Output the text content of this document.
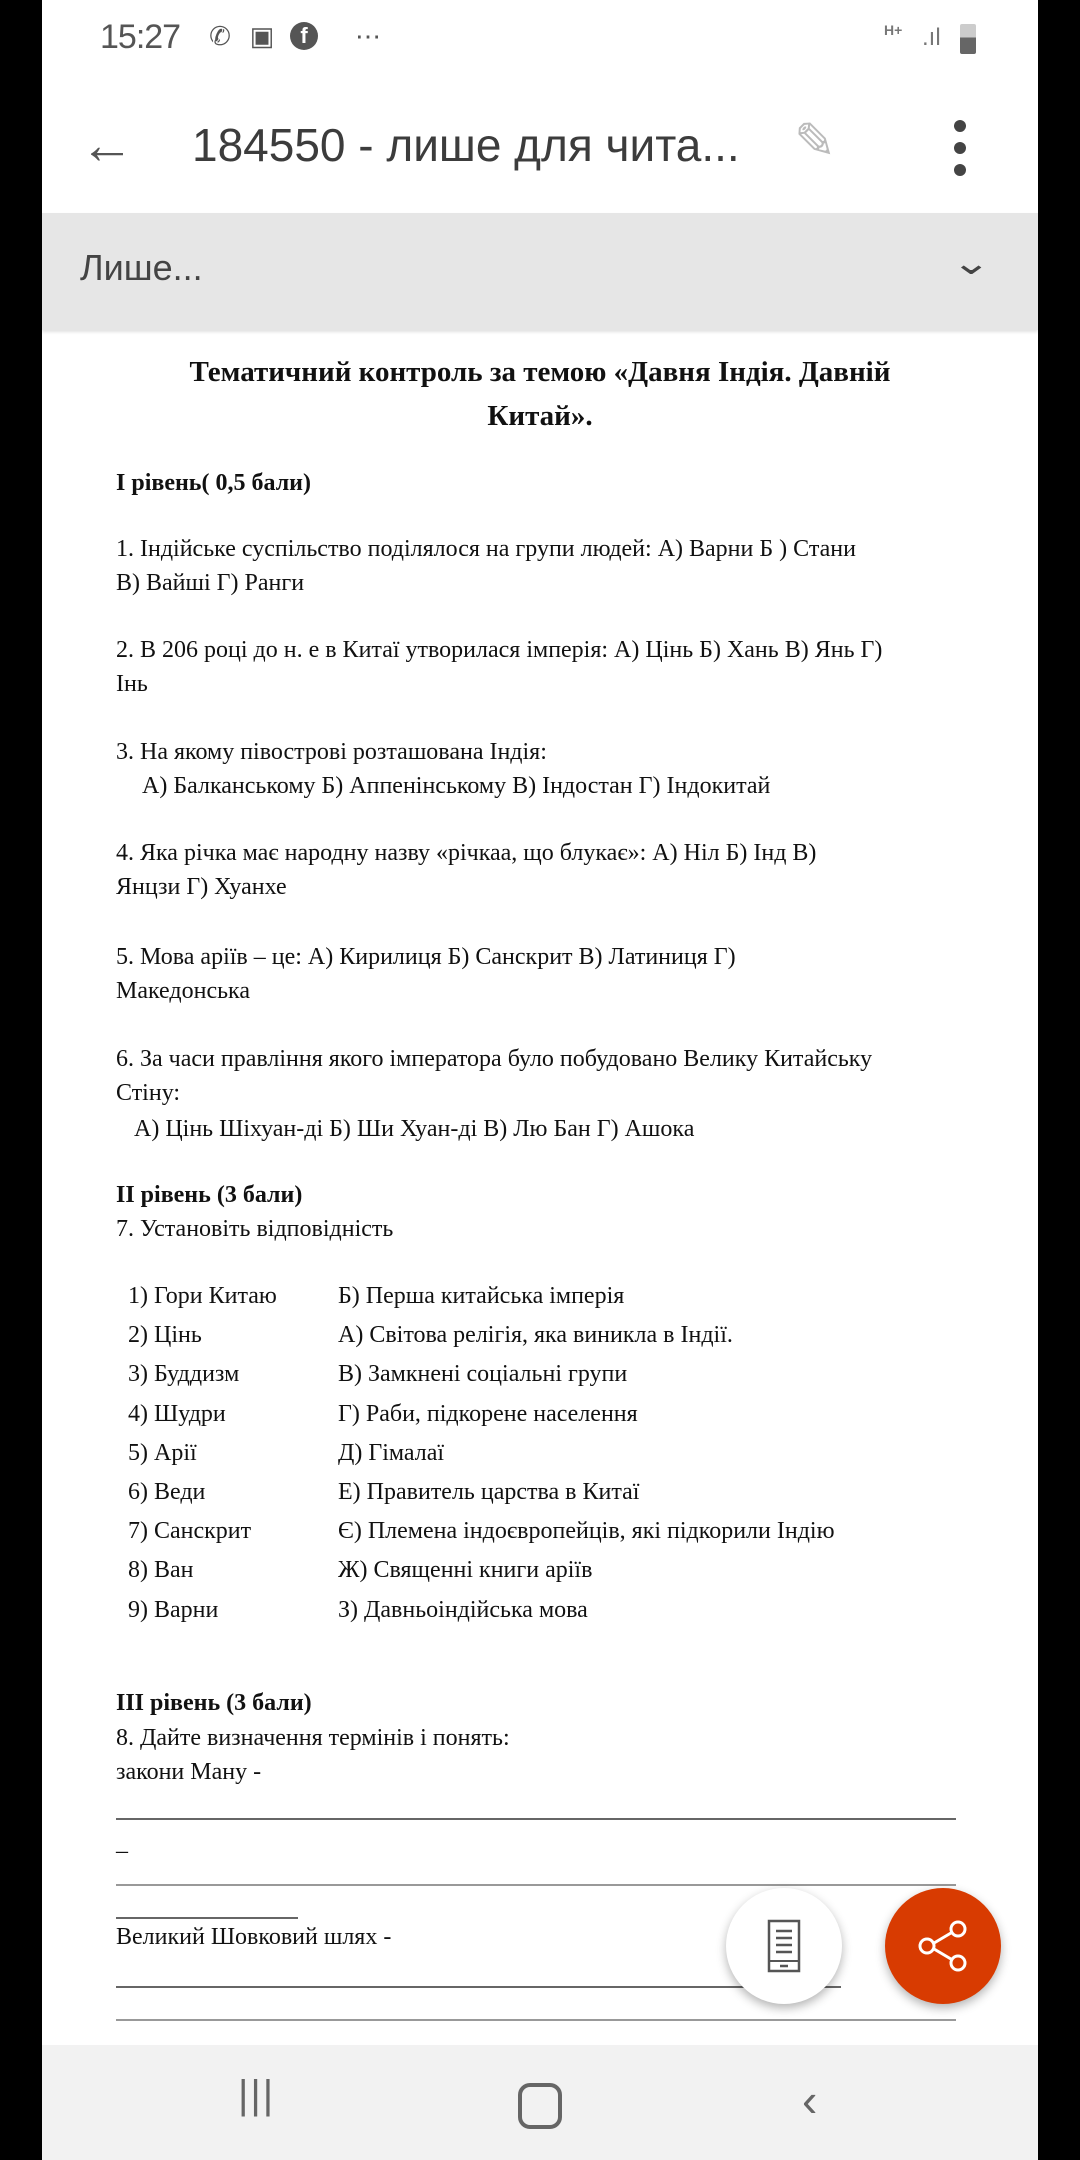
15:27 ✆ ▣	f	⋯	H+ .ıl
← 184550 - лише для чита... ✎
Лише...	⌄
Тематичний контроль за темою «Давня Індія. Давній
Китай».
І рівень( 0,5 бали)
1. Індійське суспільство поділялося на групи людей: А) Варни Б ) Стани
В) Вайші Г) Ранги
2. В 206 році до н. е в Китаї утворилася імперія: А) Цінь Б) Хань В) Янь Г)
Інь
3. На якому півострові розташована Індія:
А) Балканському Б) Аппенінському В) Індостан Г) Індокитай
4. Яка річка має народну назву «річкаа, що блукає»: А) Ніл Б) Інд В)
Янцзи Г) Хуанхе
5. Мова аріїв – це: А) Кирилиця Б) Санскрит В) Латиниця Г)
Македонська
6. За часи правління якого імператора було побудовано Велику Китайську
Стіну:
А) Цінь Шіхуан-ді Б) Ши Хуан-ді В) Лю Бан Г) Ашока
ІІ рівень (3 бали)
7. Установіть відповідність
1) Гори Китаю	Б) Перша китайська імперія
2) Цінь	А) Світова релігія, яка виникла в Індії.
3) Буддизм	В) Замкнені соціальні групи
4) Шудри	Г) Раби, підкорене населення
5) Арії	Д) Гімалаї
6) Веди	Е) Правитель царства в Китаї
7) Санскрит	Є) Племена індоєвропейців, які підкорили Індію
8) Ван	Ж) Священні книги аріїв
9) Варни	З) Давньоіндійська мова
ІІІ рівень (3 бали)
8. Дайте визначення термінів і понять:
закони Ману -
–
Великий Шовковий шлях -
|||	‹
